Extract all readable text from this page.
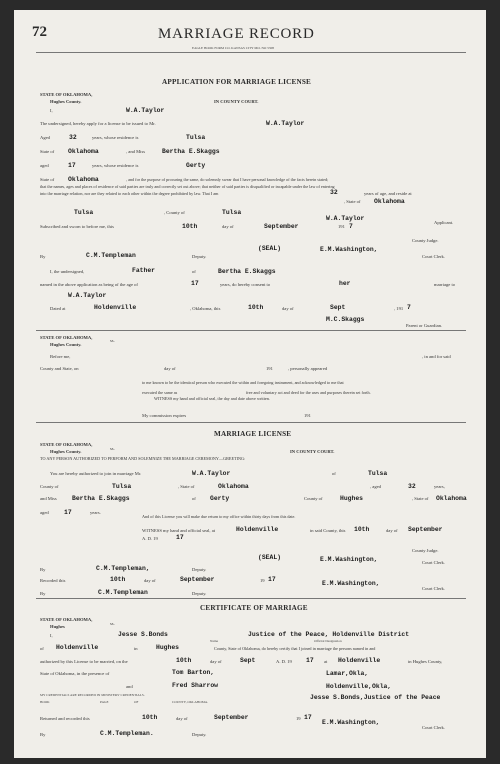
72	MARRIAGE RECORD
EAGLE BOOK FORM CO. KANSAS CITY MO. NO 5308
APPLICATION FOR MARRIAGE LICENSE
STATE OF OKLAHOMA,
Hughes County.	IN COUNTY COURT.
I,	W.A.Taylor
The undersigned, hereby apply for a license to be issued to Mr.	W.A.Taylor
Aged	32	years, whose residence is	Tulsa
State of Oklahoma	, and Miss	Bertha E.Skaggs
aged	17	years, whose residence is	Gerty
State of Oklahoma	, and for the purpose of procuring the same, do solemnly swear that I have personal knowledge of the facts herein stated;
that the names, ages and places of residence of said parties are truly and correctly set out above; that neither of said parties is disqualified or incapable under the law of entering
into the marriage relation, nor are they related to each other within the degree prohibited by law. That I am	32	years of age, and reside at
Oklahoma
Tulsa	, County of	Tulsa
, State of
W.A.Taylor
Subscribed and sworn to before me, this	10th	day of	September	191 7
Applicant.
County Judge.
By	C.M.Templeman	Deputy.
(SEAL)	E.M.Washington,
Court Clerk.
I, the undersigned,	Father	of	Bertha E.Skaggs
named in the above application as being of the age of	17	years, do hereby consent to	her	marriage to
W.A.Taylor
Dated at	Holdenville	, Oklahoma, this	10th	day of	Sept	, 191 7
M.C.Skaggs
Parent or Guardian.
STATE OF OKLAHOMA,
Hughes County.
ss.
Before me,	, in and for said
County and State, on	day of	191	, personally appeared
to me known to be the identical person who executed the within and foregoing instrument, and acknowledged to me that
executed the same as	free and voluntary act and deed for the uses and purposes therein set forth.
WITNESS my hand and official seal, the day and date above written.
My commission expires	191
MARRIAGE LICENSE
STATE OF OKLAHOMA,
Hughes County.
ss.
IN COUNTY COURT.
TO ANY PERSON AUTHORIZED TO PERFORM AND SOLEMNIZE THE MARRIAGE CEREMONY—GREETING:
You are hereby authorized to join in marriage Mr.	W.A.Taylor	of	Tulsa
County of	Tulsa	, State of	Oklahoma	, aged	32	years,
and Miss Bertha E.Skaggs	of Gerty	County of	Hughes	, State of Oklahoma
aged 17	years.
And of this License you will make due return to my office within thirty days from this date.
WITNESS my hand and official seal, at	Holdenville	in said County, this 10th	day of September
A. D. 19	17
County Judge.
(SEAL)	E.M.Washington,	Court Clerk.
By	C.M.Templeman,	Deputy.
Recorded this	10th	day of	September	19 17
E.M.Washington,
Court Clerk.
By	C.M.Templeman	Deputy.
CERTIFICATE OF MARRIAGE
STATE OF OKLAHOMA,
Hughes
ss.
I,	Jesse S.Bonds
Name
Justice of the Peace, Holdenville District
Official Designation
of Holdenville	in	Hughes	County, State of Oklahoma, do hereby certify that I joined in marriage the persons named in and
authorized by this License to be married, on the	10th	day of	Sept	A. D. 19 17 at Holdenville	in Hughes County,
State of Oklahoma, in the presence of	Tom Barton,	Lamar,Okla,
and	Fred Sharrow	Holdenville,Okla,
MY CREDENTIALS ARE RECORDED IN MINISTERS' CREDENTIALS.
BOOK	PAGE	OF	COUNTY, OKLAHOMA.
Jesse S.Bonds,Justice of the Peace
Returned and recorded this	10th	day of	September	19 17
E.M.Washington,
Court Clerk.
By	C.M.Templeman.	Deputy.
